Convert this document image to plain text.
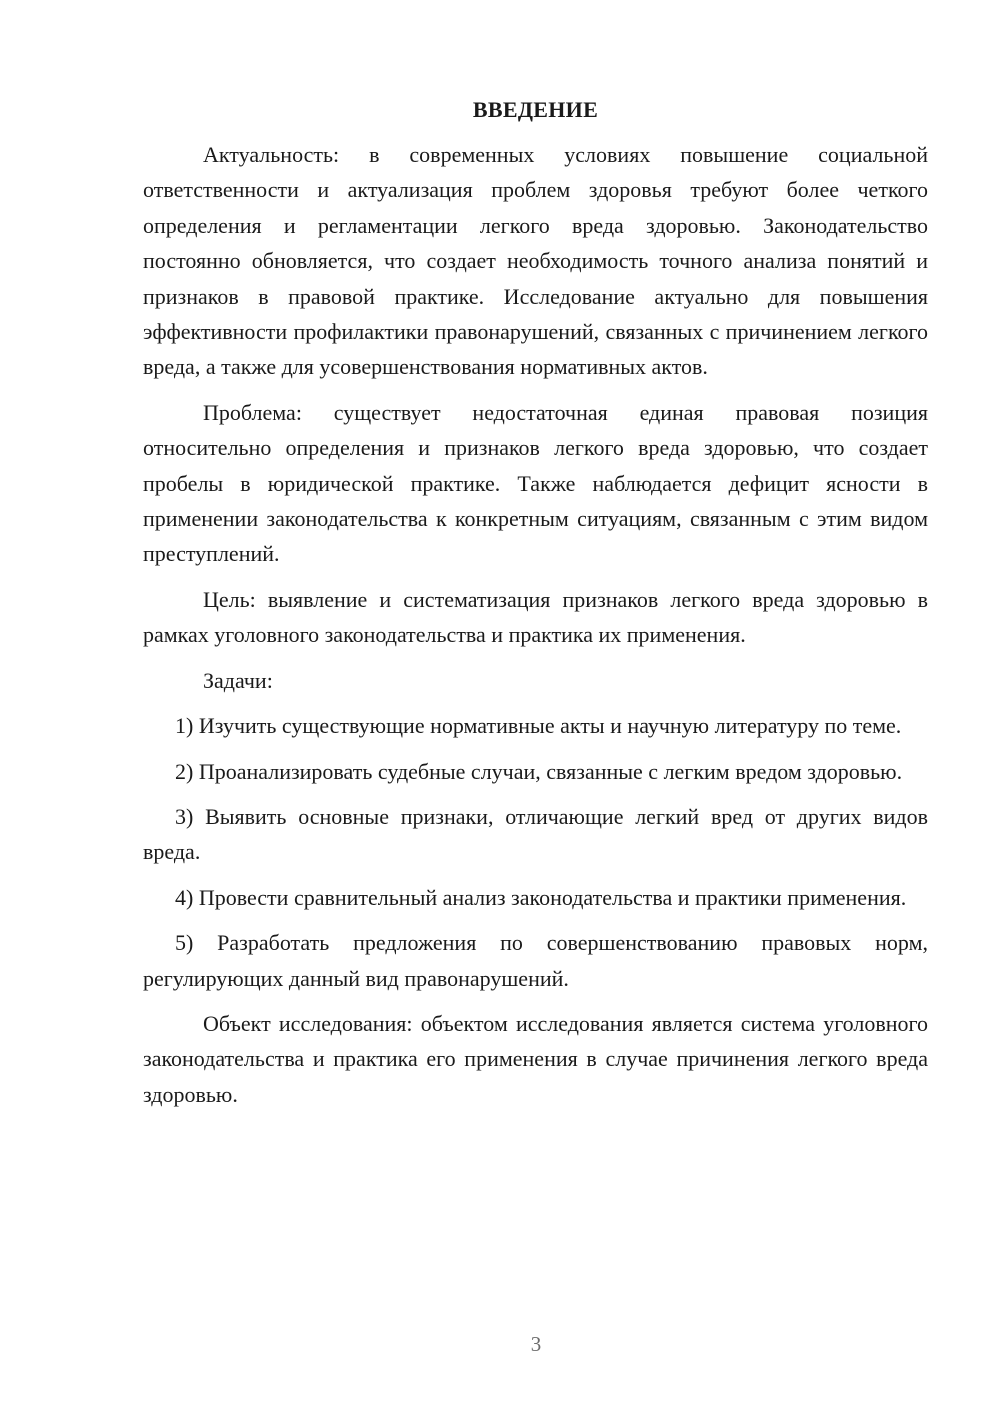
ВВЕДЕНИЕ

Актуальность: в современных условиях повышение социальной ответственности и актуализация проблем здоровья требуют более четкого определения и регламентации легкого вреда здоровью. Законодательство постоянно обновляется, что создает необходимость точного анализа понятий и признаков в правовой практике. Исследование актуально для повышения эффективности профилактики правонарушений, связанных с причинением легкого вреда, а также для усовершенствования нормативных актов.

Проблема: существует недостаточная единая правовая позиция относительно определения и признаков легкого вреда здоровью, что создает пробелы в юридической практике. Также наблюдается дефицит ясности в применении законодательства к конкретным ситуациям, связанным с этим видом преступлений.

Цель: выявление и систематизация признаков легкого вреда здоровью в рамках уголовного законодательства и практика их применения.

Задачи:

1) Изучить существующие нормативные акты и научную литературу по теме.

2) Проанализировать судебные случаи, связанные с легким вредом здоровью.

3) Выявить основные признаки, отличающие легкий вред от других видов вреда.

4) Провести сравнительный анализ законодательства и практики применения.

5) Разработать предложения по совершенствованию правовых норм, регулирующих данный вид правонарушений.

Объект исследования: объектом исследования является система уголовного законодательства и практика его применения в случае причинения легкого вреда здоровью.

3
